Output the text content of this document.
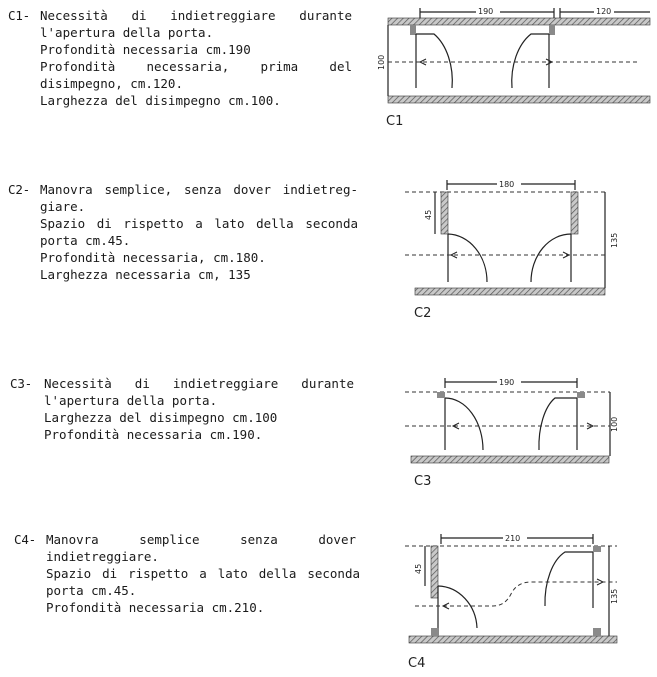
C1- Necessità di indietreggiare durante
l'apertura della porta.
Profondità necessaria cm.190
Profondità necessaria, prima del
disimpegno, cm.120.
Larghezza del disimpegno cm.100.
190	120
100
C1
C2- Manovra semplice, senza dover indietreg-
giare.
Spazio di rispetto a lato della seconda
porta cm.45.
Profondità necessaria, cm.180.
Larghezza necessaria cm, 135
180
45
135
C2
C3- Necessità di indietreggiare durante
l'apertura della porta.
Larghezza del disimpegno cm.100
Profondità necessaria cm.190.
190
100
C3
C4- Manovra semplice senza dover
indietreggiare.
Spazio di rispetto a lato della seconda
porta cm.45.
Profondità necessaria cm.210.
210
45
135
C4
